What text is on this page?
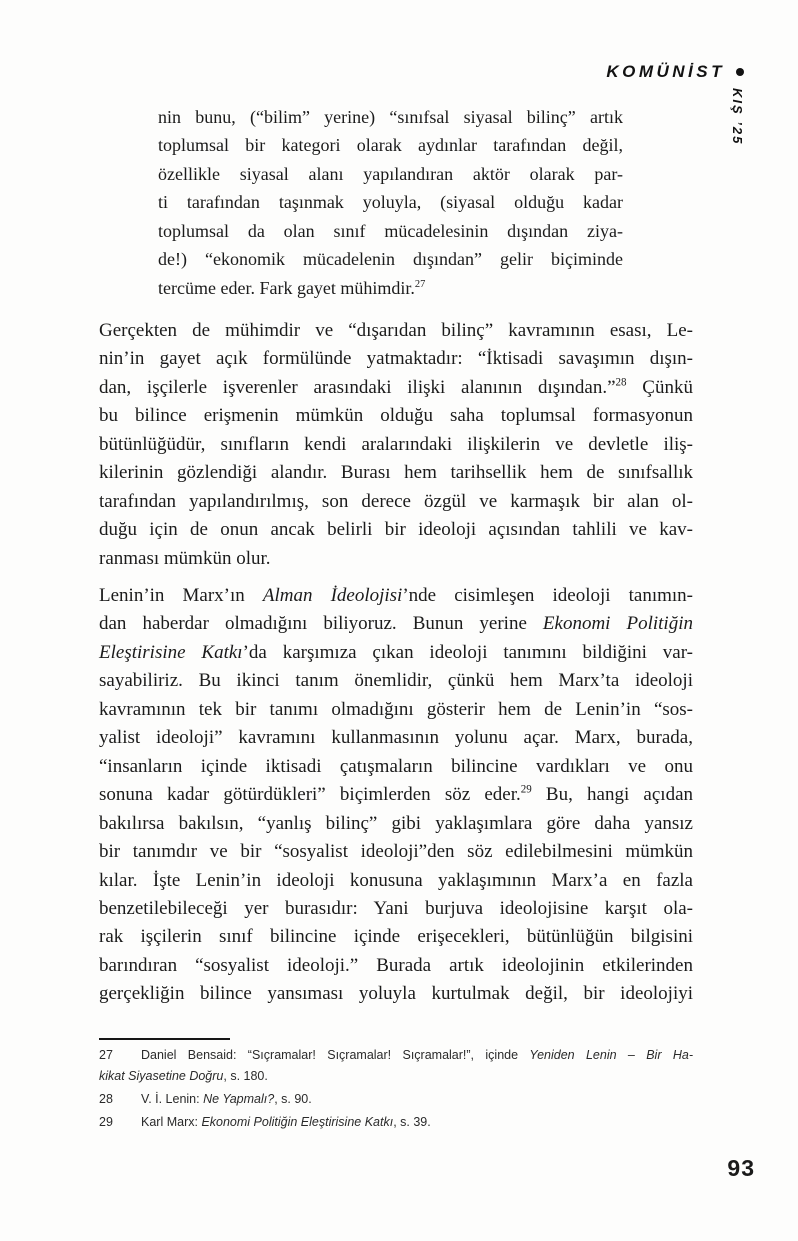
KOMÜNİST
KIŞ ’25
nin bunu, (“bilim” yerine) “sınıfsal siyasal bilinç” artık
toplumsal bir kategori olarak aydınlar tarafından değil,
özellikle siyasal alanı yapılandıran aktör olarak par-
ti tarafından taşınmak yoluyla, (siyasal olduğu kadar
toplumsal da olan sınıf mücadelesinin dışından ziya-
de!) “ekonomik mücadelenin dışından” gelir biçiminde
tercüme eder. Fark gayet mühimdir.$^{27}$
Gerçekten de mühimdir ve “dışarıdan bilinç” kavramının esası, Le-
nin’in gayet açık formülünde yatmaktadır: “İktisadi savaşımın dışın-
dan, işçilerle işverenler arasındaki ilişki alanının dışından.”$^{28}$ Çünkü
bu bilince erişmenin mümkün olduğu saha toplumsal formasyonun
bütünlüğüdür, sınıfların kendi aralarındaki ilişkilerin ve devletle iliş-
kilerinin gözlendiği alandır. Burası hem tarihsellik hem de sınıfsallık
tarafından yapılandırılmış, son derece özgül ve karmaşık bir alan ol-
duğu için de onun ancak belirli bir ideoloji açısından tahlili ve kav-
ranması mümkün olur.
Lenin’in Marx’ın Alman İdeolojisi’nde cisimleşen ideoloji tanımın-
dan haberdar olmadığını biliyoruz. Bunun yerine Ekonomi Politiğin
Eleştirisine Katkı’da karşımıza çıkan ideoloji tanımını bildiğini var-
sayabiliriz. Bu ikinci tanım önemlidir, çünkü hem Marx’ta ideoloji
kavramının tek bir tanımı olmadığını gösterir hem de Lenin’in “sos-
yalist ideoloji” kavramını kullanmasının yolunu açar. Marx, burada,
“insanların içinde iktisadi çatışmaların bilincine vardıkları ve onu
sonuna kadar götürdükleri” biçimlerden söz eder.$^{29}$ Bu, hangi açıdan
bakılırsa bakılsın, “yanlış bilinç” gibi yaklaşımlara göre daha yansız
bir tanımdır ve bir “sosyalist ideoloji”den söz edilebilmesini mümkün
kılar. İşte Lenin’in ideoloji konusuna yaklaşımının Marx’a en fazla
benzetilebileceği yer burasıdır: Yani burjuva ideolojisine karşıt ola-
rak işçilerin sınıf bilincine içinde erişecekleri, bütünlüğün bilgisini
barındıran “sosyalist ideoloji.” Burada artık ideolojinin etkilerinden
gerçekliğin bilince yansıması yoluyla kurtulmak değil, bir ideolojiyi
27 Daniel Bensaid: “Sıçramalar! Sıçramalar! Sıçramalar!”, içinde Yeniden Lenin – Bir Ha-
kikat Siyasetine Doğru, s. 180.
28 V. İ. Lenin: Ne Yapmalı?, s. 90.
29 Karl Marx: Ekonomi Politiğin Eleştirisine Katkı, s. 39.
93
